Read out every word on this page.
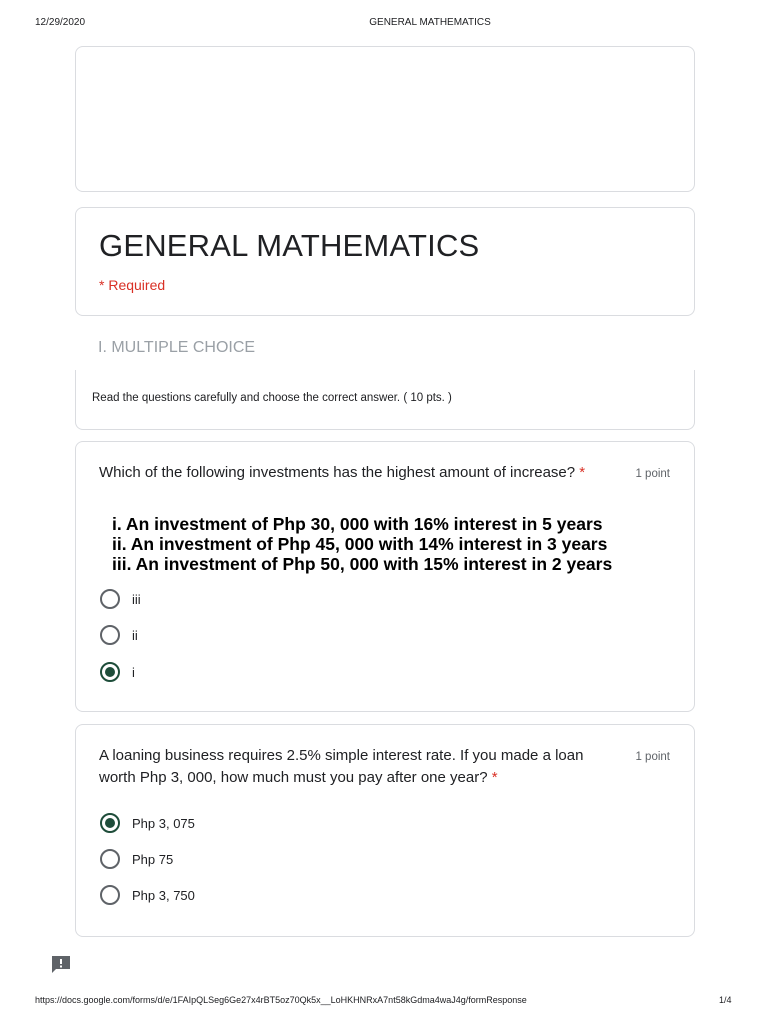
12/29/2020	GENERAL MATHEMATICS
GENERAL MATHEMATICS
* Required
I. MULTIPLE CHOICE
Read the questions carefully and choose the correct answer. ( 10 pts. )
Which of the following investments has the highest amount of increase? *	1 point
i. An investment of Php 30, 000 with 16% interest in 5 years
ii. An investment of Php 45, 000 with 14% interest in 3 years
iii. An investment of Php 50, 000 with 15% interest in 2 years
iii
ii
i
A loaning business requires 2.5% simple interest rate. If you made a loan worth Php 3, 000, how much must you pay after one year? *
1 point
Php 3, 075
Php 75
Php 3, 750
https://docs.google.com/forms/d/e/1FAIpQLSeg6Ge27x4rBT5oz70Qk5x__LoHKHNRxA7nt58kGdma4waJ4g/formResponse	1/4
